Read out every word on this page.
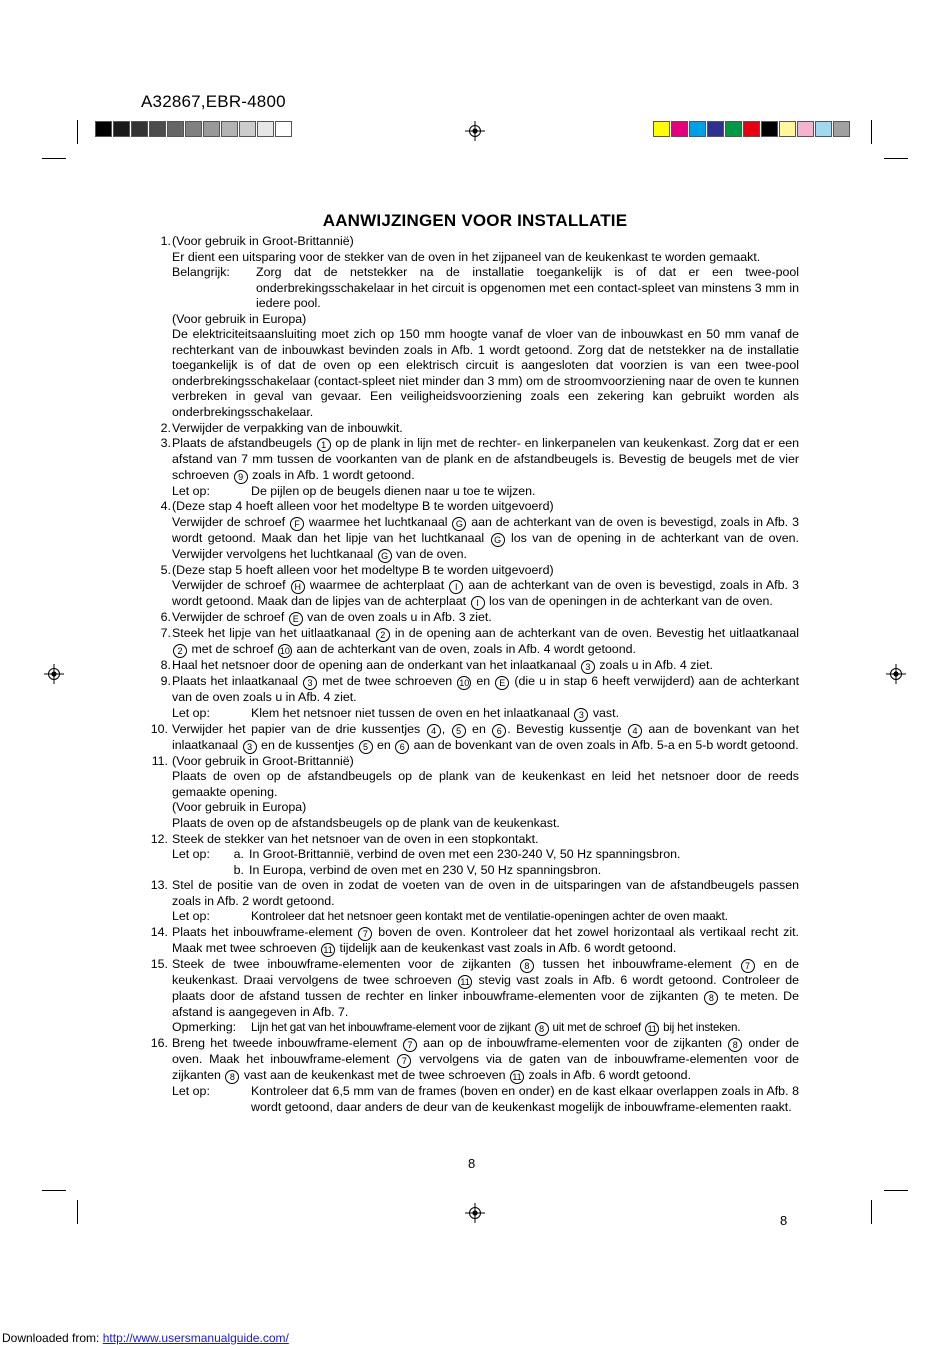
A32867,EBR-4800
AANWIJZINGEN VOOR INSTALLATIE
1. (Voor gebruik in Groot-Brittannië)
Er dient een uitsparing voor de stekker van de oven in het zijpaneel van de keukenkast te worden gemaakt.
Belangrijk:	Zorg dat de netstekker na de installatie toegankelijk is of dat er een twee-pool onderbrekingsschakelaar in het circuit is opgenomen met een contact-spleet van minstens 3 mm in iedere pool.
(Voor gebruik in Europa)
De elektriciteitsaansluiting moet zich op 150 mm hoogte vanaf de vloer van de inbouwkast en 50 mm vanaf de rechterkant van de inbouwkast bevinden zoals in Afb. 1 wordt getoond. Zorg dat de netstekker na de installatie toegankelijk is of dat de oven op een elektrisch circuit is aangesloten dat voorzien is van een twee-pool onderbrekingsschakelaar (contact-spleet niet minder dan 3 mm) om de stroomvoorziening naar de oven te kunnen verbreken in geval van gevaar. Een veiligheidsvoorziening zoals een zekering kan gebruikt worden als onderbrekingsschakelaar.
2. Verwijder de verpakking van de inbouwkit.
3. Plaats de afstandbeugels 1 op de plank in lijn met de rechter- en linkerpanelen van keukenkast. Zorg dat er een afstand van 7 mm tussen de voorkanten van de plank en de afstandbeugels is. Bevestig de beugels met de vier schroeven 9 zoals in Afb. 1 wordt getoond.
Let op:	De pijlen op de beugels dienen naar u toe te wijzen.
4. (Deze stap 4 hoeft alleen voor het modeltype B te worden uitgevoerd)
Verwijder de schroef F waarmee het luchtkanaal G aan de achterkant van de oven is bevestigd, zoals in Afb. 3 wordt getoond. Maak dan het lipje van het luchtkanaal G los van de opening in de achterkant van de oven. Verwijder vervolgens het luchtkanaal G van de oven.
5. (Deze stap 5 hoeft alleen voor het modeltype B te worden uitgevoerd)
Verwijder de schroef H waarmee de achterplaat I aan de achterkant van de oven is bevestigd, zoals in Afb. 3 wordt getoond. Maak dan de lipjes van de achterplaat I los van de openingen in de achterkant van de oven.
6. Verwijder de schroef E van de oven zoals u in Afb. 3 ziet.
7. Steek het lipje van het uitlaatkanaal 2 in de opening aan de achterkant van de oven. Bevestig het uitlaatkanaal 2 met de schroef 10 aan de achterkant van de oven, zoals in Afb. 4 wordt getoond.
8. Haal het netsnoer door de opening aan de onderkant van het inlaatkanaal 3 zoals u in Afb. 4 ziet.
9. Plaats het inlaatkanaal 3 met de twee schroeven 10 en E (die u in stap 6 heeft verwijderd) aan de achterkant van de oven zoals u in Afb. 4 ziet.
Let op:	Klem het netsnoer niet tussen de oven en het inlaatkanaal 3 vast.
10. Verwijder het papier van de drie kussentjes 4 , 5 en 6 . Bevestig kussentje 4 aan de bovenkant van het inlaatkanaal 3 en de kussentjes 5 en 6 aan de bovenkant van de oven zoals in Afb. 5-a en 5-b wordt getoond.
11. (Voor gebruik in Groot-Brittannië)
Plaats de oven op de afstandbeugels op de plank van de keukenkast en leid het netsnoer door de reeds gemaakte opening.
(Voor gebruik in Europa)
Plaats de oven op de afstandsbeugels op de plank van de keukenkast.
12. Steek de stekker van het netsnoer van de oven in een stopkontakt.
Let op:	a. In Groot-Brittannië, verbind de oven met een 230-240 V, 50 Hz spanningsbron.
b. In Europa, verbind de oven met en 230 V, 50 Hz spanningsbron.
13. Stel de positie van de oven in zodat de voeten van de oven in de uitsparingen van de afstandbeugels passen zoals in Afb. 2 wordt getoond.
Let op:	Kontroleer dat het netsnoer geen kontakt met de ventilatie-openingen achter de oven maakt.
14. Plaats het inbouwframe-element 7 boven de oven. Kontroleer dat het zowel horizontaal als vertikaal recht zit. Maak met twee schroeven 11 tijdelijk aan de keukenkast vast zoals in Afb. 6 wordt getoond.
15. Steek de twee inbouwframe-elementen voor de zijkanten 8 tussen het inbouwframe-element 7 en de keukenkast. Draai vervolgens de twee schroeven 11 stevig vast zoals in Afb. 6 wordt getoond. Controleer de plaats door de afstand tussen de rechter en linker inbouwframe-elementen voor de zijkanten 8 te meten. De afstand is aangegeven in Afb. 7.
Opmerking:	Lijn het gat van het inbouwframe-element voor de zijkant 8 uit met de schroef 11 bij het insteken.
16. Breng het tweede inbouwframe-element 7 aan op de inbouwframe-elementen voor de zijkanten 8 onder de oven. Maak het inbouwframe-element 7 vervolgens via de gaten van de inbouwframe-elementen voor de zijkanten 8 vast aan de keukenkast met de twee schroeven 11 zoals in Afb. 6 wordt getoond.
Let op:	Kontroleer dat 6,5 mm van de frames (boven en onder) en de kast elkaar overlappen zoals in Afb. 8 wordt getoond, daar anders de deur van de keukenkast mogelijk de inbouwframe-elementen raakt.
8
8
Downloaded from: http://www.usersmanualguide.com/
